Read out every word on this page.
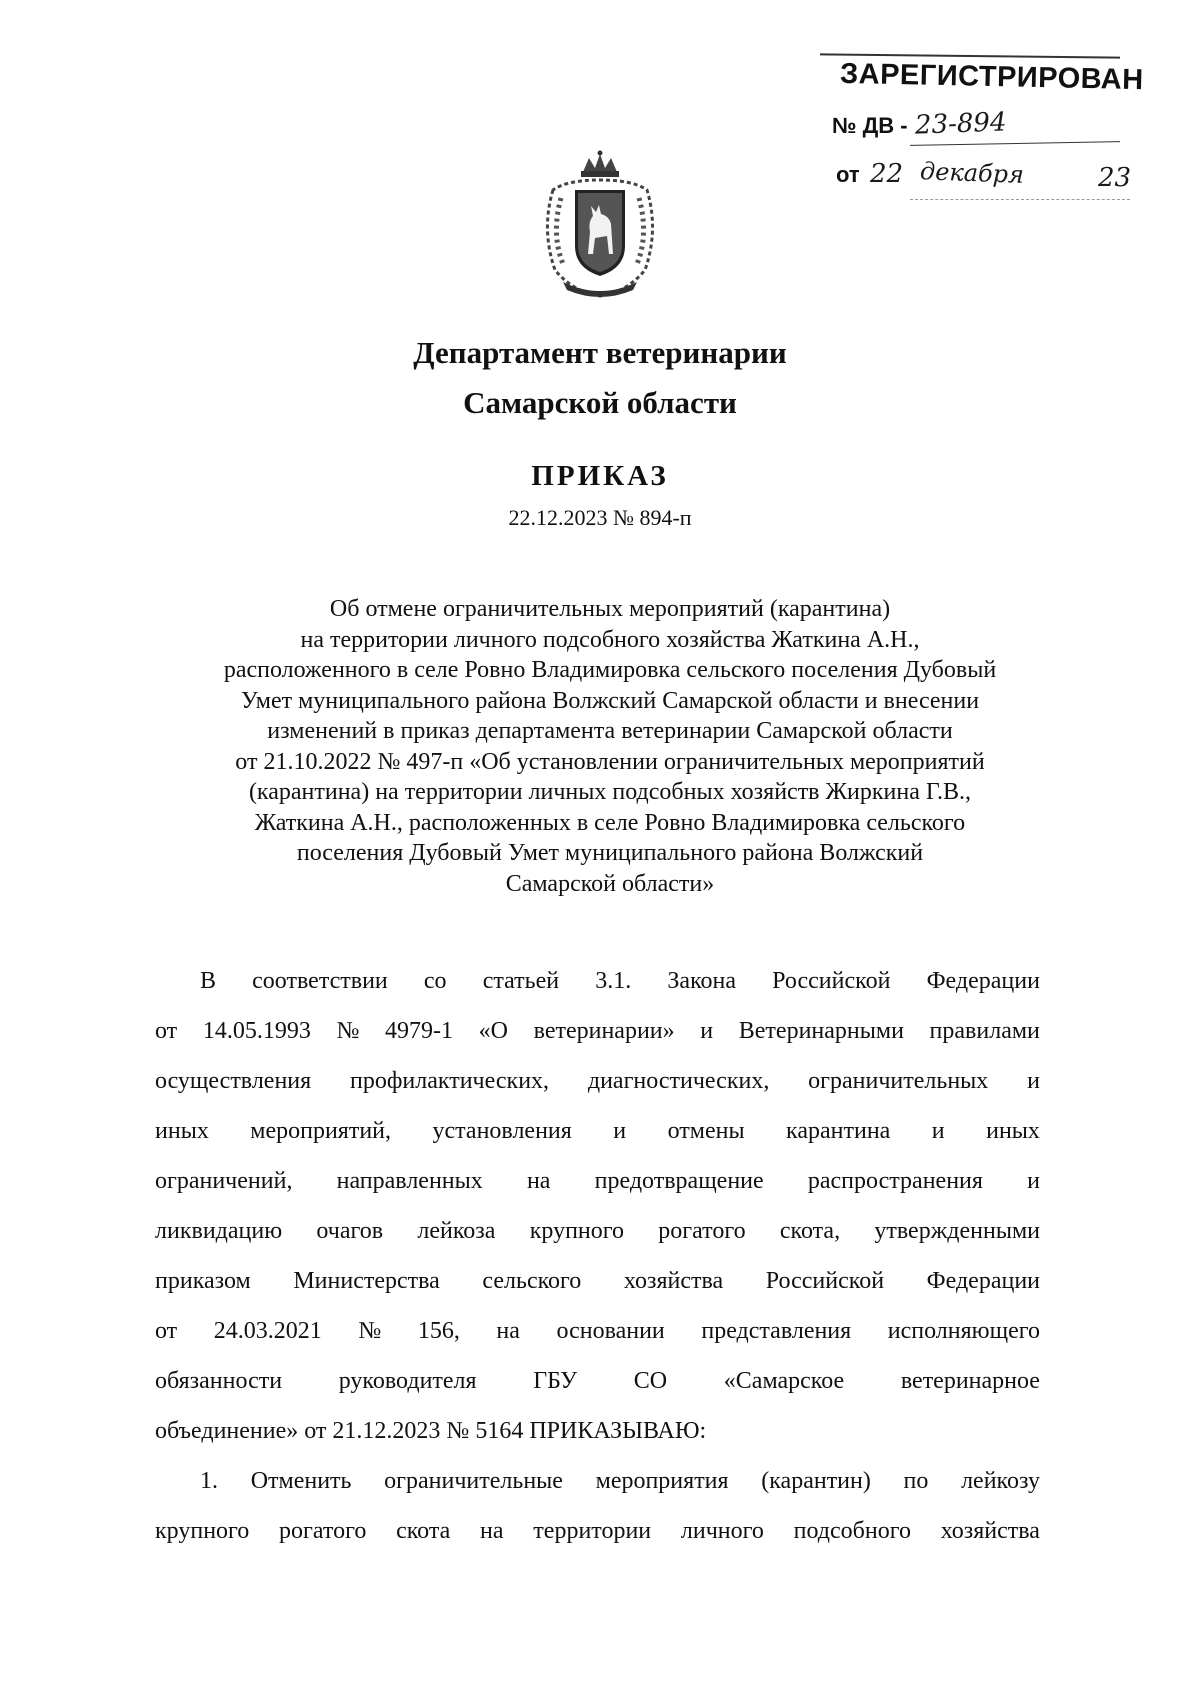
ЗАРЕГИСТРИРОВАН
№ ДВ - 23-894
от 22 декабря	23
Департамент ветеринарии
Самарской области
ПРИКАЗ
22.12.2023 № 894-п
Об отмене ограничительных мероприятий (карантина)
на территории личного подсобного хозяйства Жаткина А.Н.,
расположенного в селе Ровно Владимировка сельского поселения Дубовый
Умет муниципального района Волжский Самарской области и внесении
изменений в приказ департамента ветеринарии Самарской области
от 21.10.2022 № 497-п «Об установлении ограничительных мероприятий
(карантина) на территории личных подсобных хозяйств Жиркина Г.В.,
Жаткина А.Н., расположенных в селе Ровно Владимировка сельского
поселения Дубовый Умет муниципального района Волжский
Самарской области»
В соответствии со статьей 3.1. Закона Российской Федерации
от 14.05.1993 № 4979-1 «О ветеринарии» и Ветеринарными правилами
осуществления профилактических, диагностических, ограничительных и
иных мероприятий, установления и отмены карантина и иных
ограничений, направленных на предотвращение распространения и
ликвидацию очагов лейкоза крупного рогатого скота, утвержденными
приказом Министерства сельского хозяйства Российской Федерации
от 24.03.2021 № 156, на основании представления исполняющего
обязанности руководителя ГБУ СО «Самарское ветеринарное
объединение» от 21.12.2023 № 5164 ПРИКАЗЫВАЮ:
1. Отменить ограничительные мероприятия (карантин) по лейкозу
крупного рогатого скота на территории личного подсобного хозяйства
